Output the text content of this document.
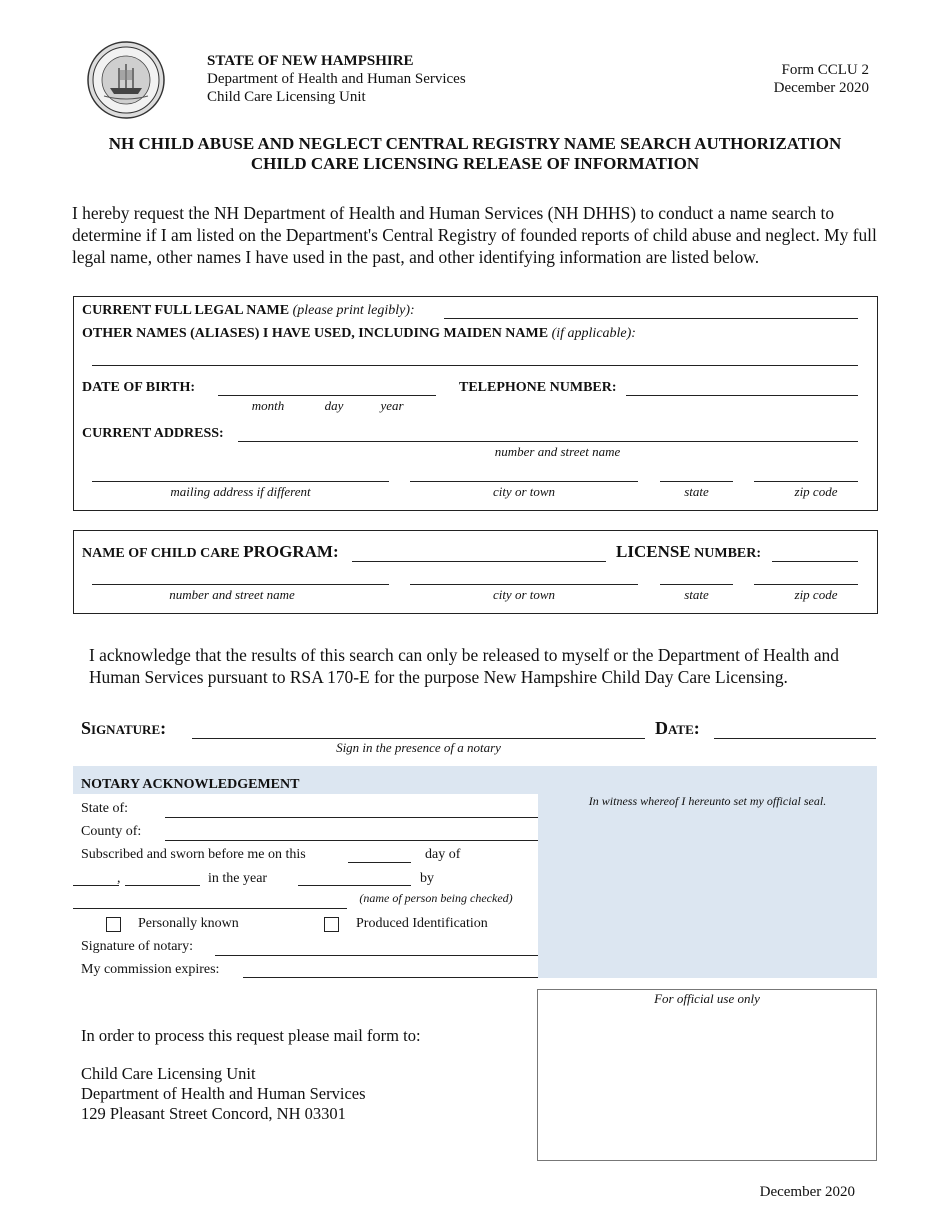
STATE OF NEW HAMPSHIRE
Department of Health and Human Services
Child Care Licensing Unit
Form CCLU 2
December 2020
NH CHILD ABUSE AND NEGLECT CENTRAL REGISTRY NAME SEARCH AUTHORIZATION
CHILD CARE LICENSING RELEASE OF INFORMATION
I hereby request the NH Department of Health and Human Services (NH DHHS) to conduct a name search to determine if I am listed on the Department's Central Registry of founded reports of child abuse and neglect. My full legal name, other names I have used in the past, and other identifying information are listed below.
CURRENT FULL LEGAL NAME (please print legibly):
OTHER NAMES (ALIASES) I HAVE USED, INCLUDING MAIDEN NAME (if applicable):
DATE OF BIRTH:
month	day	year
TELEPHONE NUMBER:
CURRENT ADDRESS:
number and street name
mailing address if different	city or town	state	zip code
NAME OF CHILD CARE PROGRAM:	LICENSE NUMBER:
number and street name	city or town	state	zip code
I acknowledge that the results of this search can only be released to myself or the Department of Health and Human Services pursuant to RSA 170-E for the purpose New Hampshire Child Day Care Licensing.
Signature:
Sign in the presence of a notary
Date:
NOTARY ACKNOWLEDGEMENT
In witness whereof I hereunto set my official seal.
State of:
County of:
Subscribed and sworn before me on this	day of
,	in the year	by
(name of person being checked)
Personally known	Produced Identification
Signature of notary:
My commission expires:
For official use only
In order to process this request please mail form to:
Child Care Licensing Unit
Department of Health and Human Services
129 Pleasant Street Concord, NH 03301
December 2020
